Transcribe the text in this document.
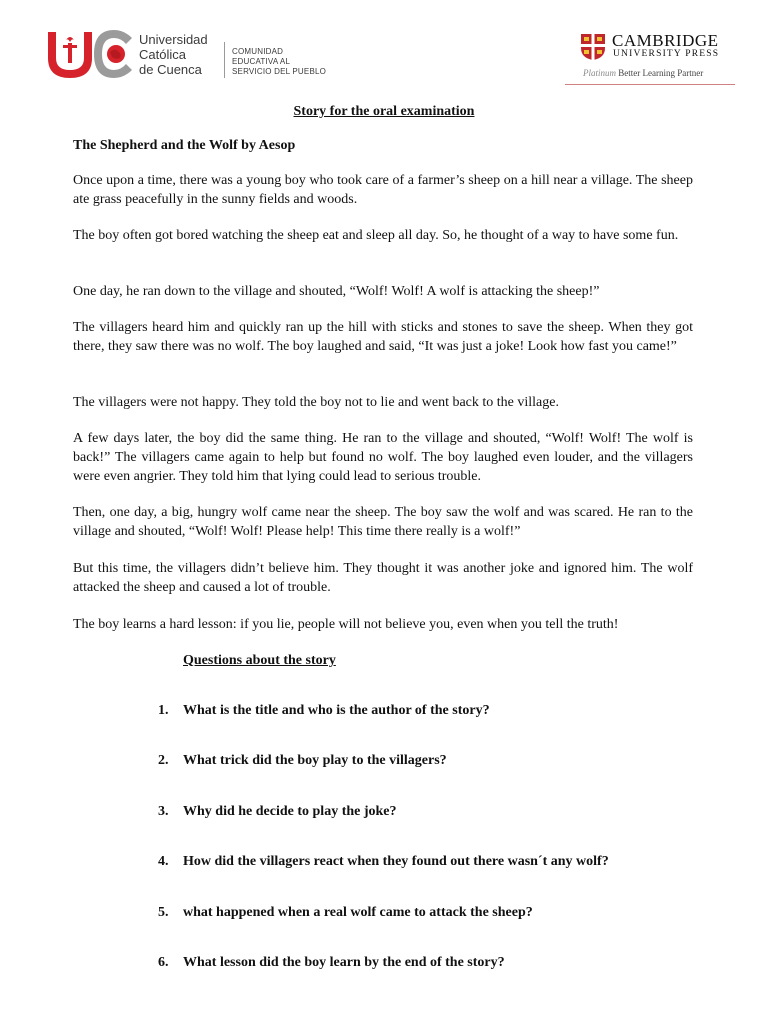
Universidad
Católica
de Cuenca
COMUNIDAD
EDUCATIVA AL
SERVICIO DEL PUEBLO
CAMBRIDGE
UNIVERSITY PRESS
Platinum Better Learning Partner
Story for the oral examination
The Shepherd and the Wolf by Aesop
Once upon a time, there was a young boy who took care of a farmer’s sheep on a hill near a village. The sheep ate grass peacefully in the sunny fields and woods.
The boy often got bored watching the sheep eat and sleep all day. So, he thought of a way to have some fun.
One day, he ran down to the village and shouted, “Wolf! Wolf! A wolf is attacking the sheep!”
The villagers heard him and quickly ran up the hill with sticks and stones to save the sheep. When they got there, they saw there was no wolf. The boy laughed and said, “It was just a joke! Look how fast you came!”
The villagers were not happy. They told the boy not to lie and went back to the village.
A few days later, the boy did the same thing. He ran to the village and shouted, “Wolf! Wolf! The wolf is back!” The villagers came again to help but found no wolf. The boy laughed even louder, and the villagers were even angrier. They told him that lying could lead to serious trouble.
Then, one day, a big, hungry wolf came near the sheep. The boy saw the wolf and was scared. He ran to the village and shouted, “Wolf! Wolf! Please help! This time there really is a wolf!”
But this time, the villagers didn’t believe him. They thought it was another joke and ignored him. The wolf attacked the sheep and caused a lot of trouble.
The boy learns a hard lesson: if you lie, people will not believe you, even when you tell the truth!
Questions about the story
1. What is the title and who is the author of the story?
2. What trick did the boy play to the villagers?
3. Why did he decide to play the joke?
4. How did the villagers react when they found out there wasn´t any wolf?
5. what happened when a real wolf came to attack the sheep?
6. What lesson did the boy learn by the end of the story?
